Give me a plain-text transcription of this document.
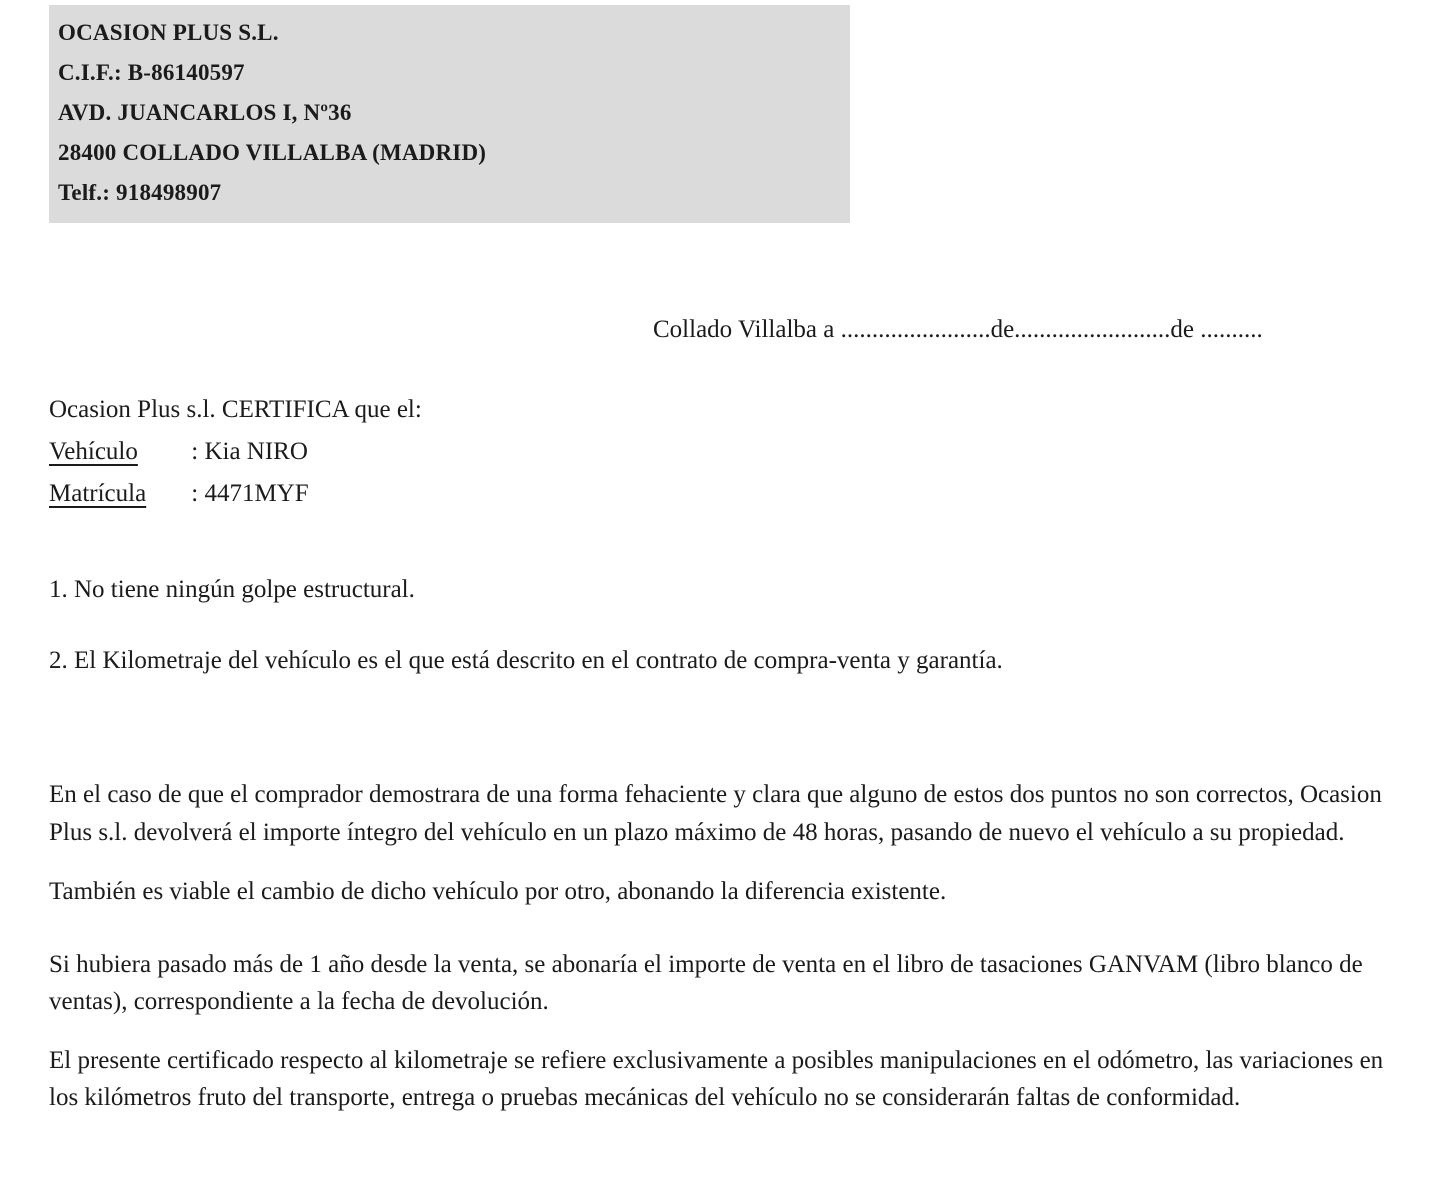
OCASION PLUS S.L.
C.I.F.: B-86140597
AVD. JUANCARLOS I, Nº36
28400 COLLADO VILLALBA (MADRID)
Telf.: 918498907
Collado Villalba a ........................de.........................de ..........
Ocasion Plus s.l. CERTIFICA que el:
Vehículo : Kia NIRO
Matrícula : 4471MYF

1. No tiene ningún golpe estructural.

2. El Kilometraje del vehículo es el que está descrito en el contrato de compra-venta y garantía.

En el caso de que el comprador demostrara de una forma fehaciente y clara que alguno de estos dos puntos no son correctos, Ocasion Plus s.l. devolverá el importe íntegro del vehículo en un plazo máximo de 48 horas, pasando de nuevo el vehículo a su propiedad.

También es viable el cambio de dicho vehículo por otro, abonando la diferencia existente.

Si hubiera pasado más de 1 año desde la venta, se abonaría el importe de venta en el libro de tasaciones GANVAM (libro blanco de ventas), correspondiente a la fecha de devolución.

El presente certificado respecto al kilometraje se refiere exclusivamente a posibles manipulaciones en el odómetro, las variaciones en los kilómetros fruto del transporte, entrega o pruebas mecánicas del vehículo no se considerarán faltas de conformidad.
